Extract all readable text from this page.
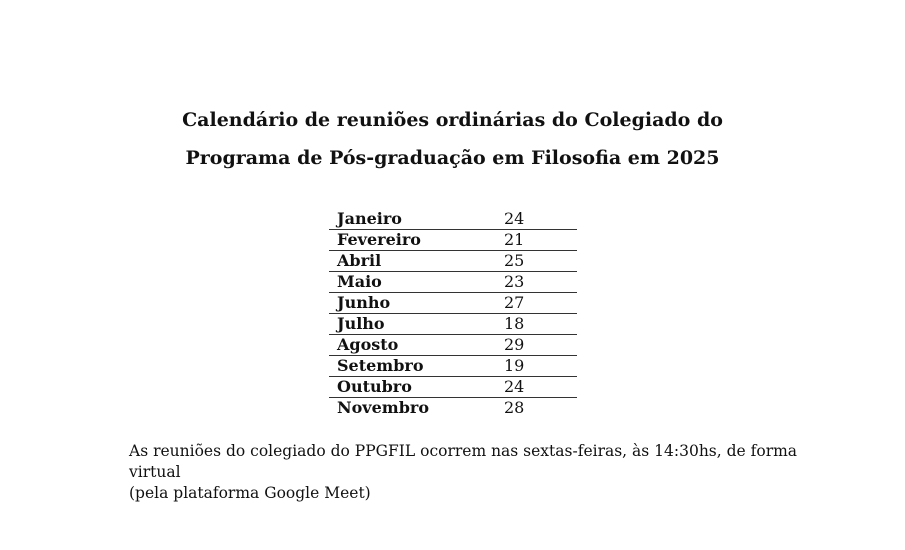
Calendário de reuniões ordinárias do Colegiado do
Programa de Pós-graduação em Filosofia em 2025
Janeiro	24
Fevereiro	21
Abril	25
Maio	23
Junho	27
Julho	18
Agosto	29
Setembro	19
Outubro	24
Novembro	28
As reuniões do colegiado do PPGFIL ocorrem nas sextas-feiras, às 14:30hs, de forma virtual
(pela plataforma Google Meet)
